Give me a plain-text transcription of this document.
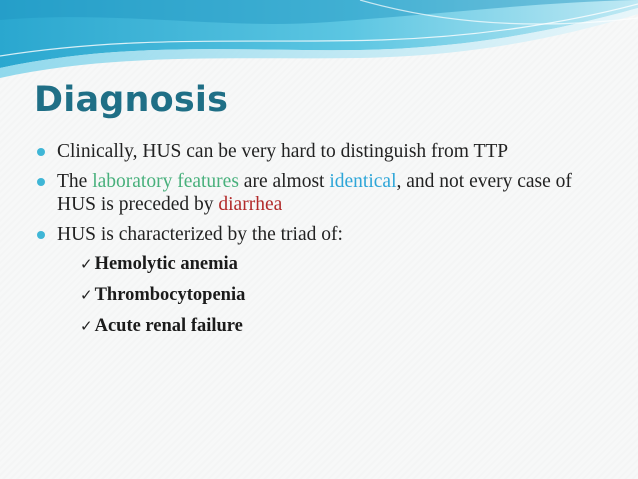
Diagnosis
Clinically, HUS can be very hard to distinguish from TTP
The laboratory features are almost identical, and not every case of HUS is preceded by diarrhea
HUS is characterized by the triad of:
✓ Hemolytic anemia
✓ Thrombocytopenia
✓ Acute renal failure
